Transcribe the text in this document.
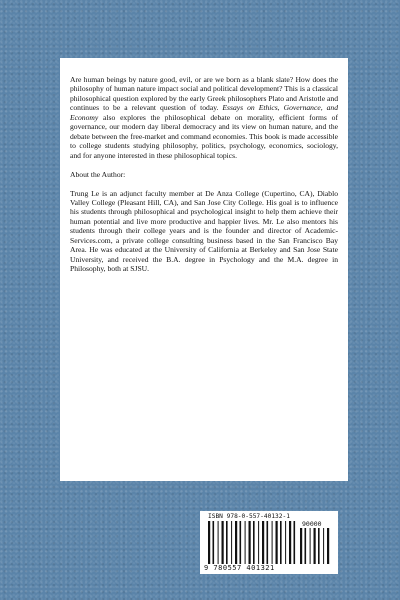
Are human beings by nature good, evil, or are we born as a blank slate? How does the philosophy of human nature impact social and political development? This is a classical philosophical question explored by the early Greek philosophers Plato and Aristotle and continues to be a relevant question of today. Essays on Ethics, Governance, and Economy also explores the philosophical debate on morality, efficient forms of governance, our modern day liberal democracy and its view on human nature, and the debate between the free-market and command economies. This book is made accessible to college students studying philosophy, politics, psychology, economics, sociology, and for anyone interested in these philosophical topics.

About the Author:

Trung Le is an adjunct faculty member at De Anza College (Cupertino, CA), Diablo Valley College (Pleasant Hill, CA), and San Jose City College. His goal is to influence his students through philosophical and psychological insight to help them achieve their human potential and live more productive and happier lives. Mr. Le also mentors his students through their college years and is the founder and director of Academic-Services.com, a private college consulting business based in the San Francisco Bay Area. He was educated at the University of California at Berkeley and San Jose State University, and received the B.A. degree in Psychology and the M.A. degree in Philosophy, both at SJSU.

ISBN 978-0-557-40132-1
90000
9 780557 401321
